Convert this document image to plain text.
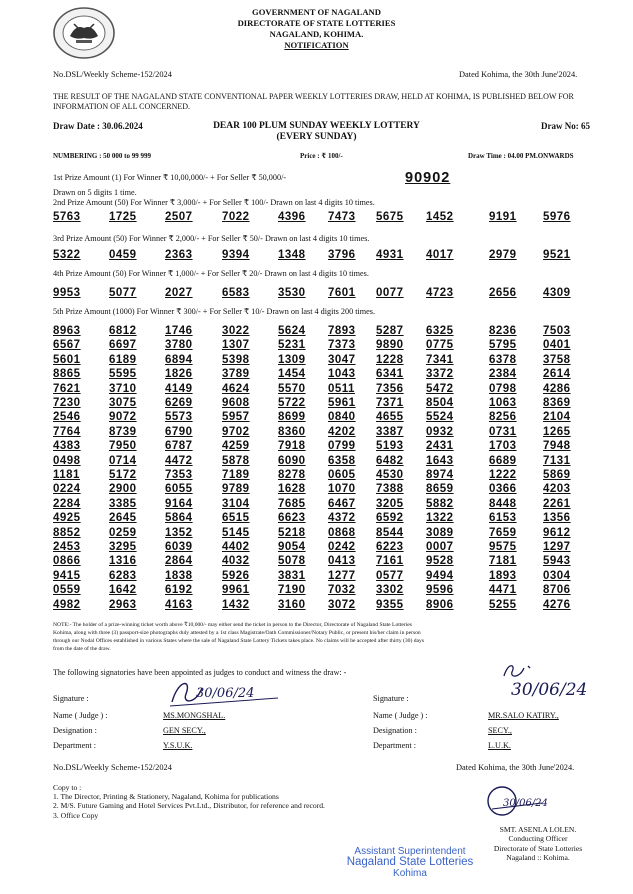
GOVERNMENT OF NAGALAND
DIRECTORATE OF STATE LOTTERIES
NAGALAND, KOHIMA.
NOTIFICATION
No.DSL/Weekly Scheme-152/2024	Dated Kohima, the 30th June'2024.
THE RESULT OF THE NAGALAND STATE CONVENTIONAL PAPER WEEKLY LOTTERIES DRAW, HELD AT KOHIMA, IS PUBLISHED BELOW FOR INFORMATION OF ALL CONCERNED.
Draw Date : 30.06.2024	DEAR 100 PLUM SUNDAY WEEKLY LOTTERY
(EVERY SUNDAY)
Draw No: 65
NUMBERING : 50 000 to 99 999	Price : ₹ 100/-	Draw Time : 04.00 PM.ONWARDS
1st Prize Amount (1) For Winner ₹ 10,00,000/- + For Seller ₹ 50,000/-	90902
Drawn on 5 digits 1 time.
2nd Prize Amount (50) For Winner ₹ 3,000/- + For Seller ₹ 100/- Drawn on last 4 digits 10 times.
5763 1725 2507	7022 4396 7473 5675 1452	9191 5976
3rd Prize Amount (50) For Winner ₹ 2,000/- + For Seller ₹ 50/- Drawn on last 4 digits 10 times.
5322 0459 2363	9394 1348 3796 4931 4017	2979 9521
4th Prize Amount (50) For Winner ₹ 1,000/- + For Seller ₹ 20/- Drawn on last 4 digits 10 times.
9953 5077 2027	6583 3530 7601 0077 4723	2656 4309
5th Prize Amount (1000) For Winner ₹ 300/- + For Seller ₹ 10/- Drawn on last 4 digits 200 times.
8963 6812 1746	3022 5624 7893 5287 6325	8236 7503
6567 6697 3780	1307 5231 7373 9890 0775	5795 0401
5601 6189 6894	5398 1309 3047 1228 7341	6378 3758
8865 5595 1826	3789 1454 1043 6341 3372	2384 2614
7621 3710 4149	4624 5570 0511 7356 5472	0798 4286
7230 3075 6269	9608 5722 5961 7371 8504	1063 8369
2546 9072 5573	5957 8699 0840 4655 5524	8256 2104
7764 8739 6790	9702 8360 4202 3387 0932	0731 1265
4383 7950 6787	4259 7918 0799 5193 2431	1703 7948
0498 0714 4472	5878 6090 6358 6482 1643	6689 7131
1181	5172 7353	7189 8278 0605 4530 8974	1222 5869
0224 2900 6055	9789 1628 1070 7388 8659	0366 4203
2284 3385 9164	3104 7685 6467 3205 5882	8448 2261
4925 2645 5864	6515 6623 4372 6592 1322	6153 1356
8852 0259 1352	5145 5218 0868 8544 3089	7659 9612
2453 3295 6039	4402 9054 0242 6223 0007	9575 1297
0866 1316 2864	4032 5078 0413 7161 9528	7181 5943
9415 6283 1838	5926 3831 1277 0577 9494	1893 0304
0559 1642 6192	9961 7190 7032 3302 9596	4471 8706
4982 2963 4163	1432 3160 3072 9355 8906	5255 4276
NOTE:- The holder of a prize-winning ticket worth above ₹10,000/- may either send the ticket in person to the Director, Directorate of Nagaland State Lotteries
Kohima, along with three (3) passport-size photographs duly attested by a 1st class Magistrate/Oath Commissioner/Notary Public, or present his/her claim in person
through our Nodal Offices established in various States where the sale of Nagaland State Lottery Tickets takes place. No claims will be accepted after thirty (30) days
from the date of the draw.
The following signatories have been appointed as judges to conduct and witness the draw: -
Signature :	30/06/24
Name ( Judge ) :	MS.MONGSHAL.
Designation :	GEN SECY.,
Department :	Y.S.U.K.
Signature :	30/06/24
Name ( Judge ) :	MR.SALO KATIRY.,
Designation :	SECY.,
Department :	L.U.K.
No.DSL/Weekly Scheme-152/2024	Dated Kohima, the 30th June'2024.
Copy to :
1. The Director, Printing & Stationery, Nagaland, Kohima for publications
2. M/S. Future Gaming and Hotel Services Pvt.Ltd., Distributor, for reference and record.
3. Office Copy
30/06/24
SMT. ASENLA LOLEN.
Conducting Officer
Directorate of State Lotteries
Nagaland :: Kohima.
Assistant Superintendent
Nagaland State Lotteries
Kohima
